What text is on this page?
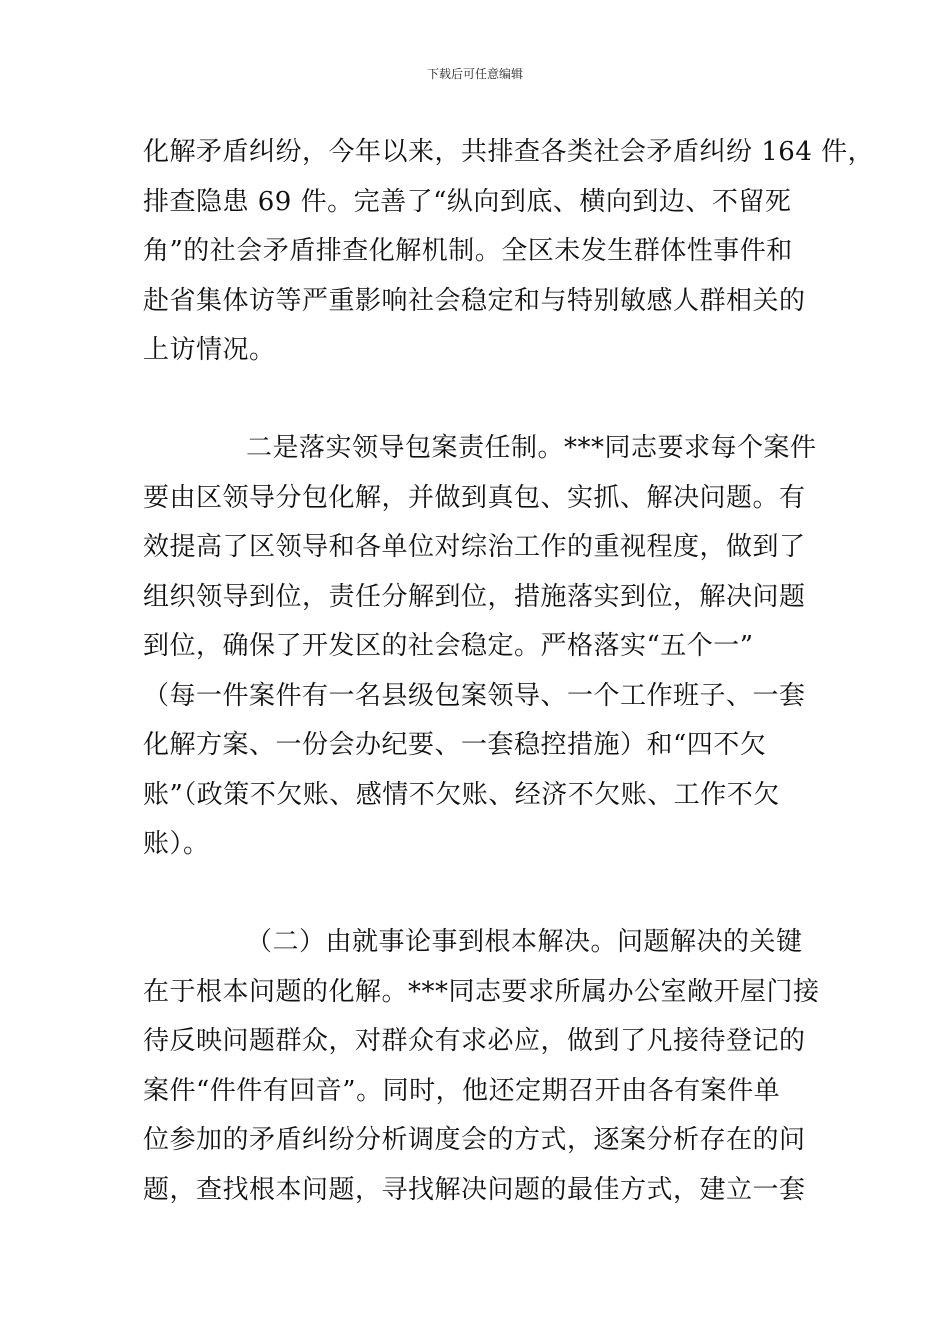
下载后可任意编辑

化解矛盾纠纷，今年以来，共排查各类社会矛盾纠纷 164 件，
排查隐患 69 件。完善了“纵向到底、横向到边、不留死
角”的社会矛盾排查化解机制。全区未发生群体性事件和
赴省集体访等严重影响社会稳定和与特别敏感人群相关的
上访情况。

二是落实领导包案责任制。***同志要求每个案件
要由区领导分包化解，并做到真包、实抓、解决问题。有
效提高了区领导和各单位对综治工作的重视程度，做到了
组织领导到位，责任分解到位，措施落实到位，解决问题
到位，确保了开发区的社会稳定。严格落实“五个一”
（每一件案件有一名县级包案领导、一个工作班子、一套
化解方案、一份会办纪要、一套稳控措施）和“四不欠
账”（政策不欠账、感情不欠账、经济不欠账、工作不欠
账）。

（二）由就事论事到根本解决。问题解决的关键
在于根本问题的化解。***同志要求所属办公室敞开屋门接
待反映问题群众，对群众有求必应，做到了凡接待登记的
案件“件件有回音”。同时，他还定期召开由各有案件单
位参加的矛盾纠纷分析调度会的方式，逐案分析存在的问
题，查找根本问题，寻找解决问题的最佳方式，建立一套
